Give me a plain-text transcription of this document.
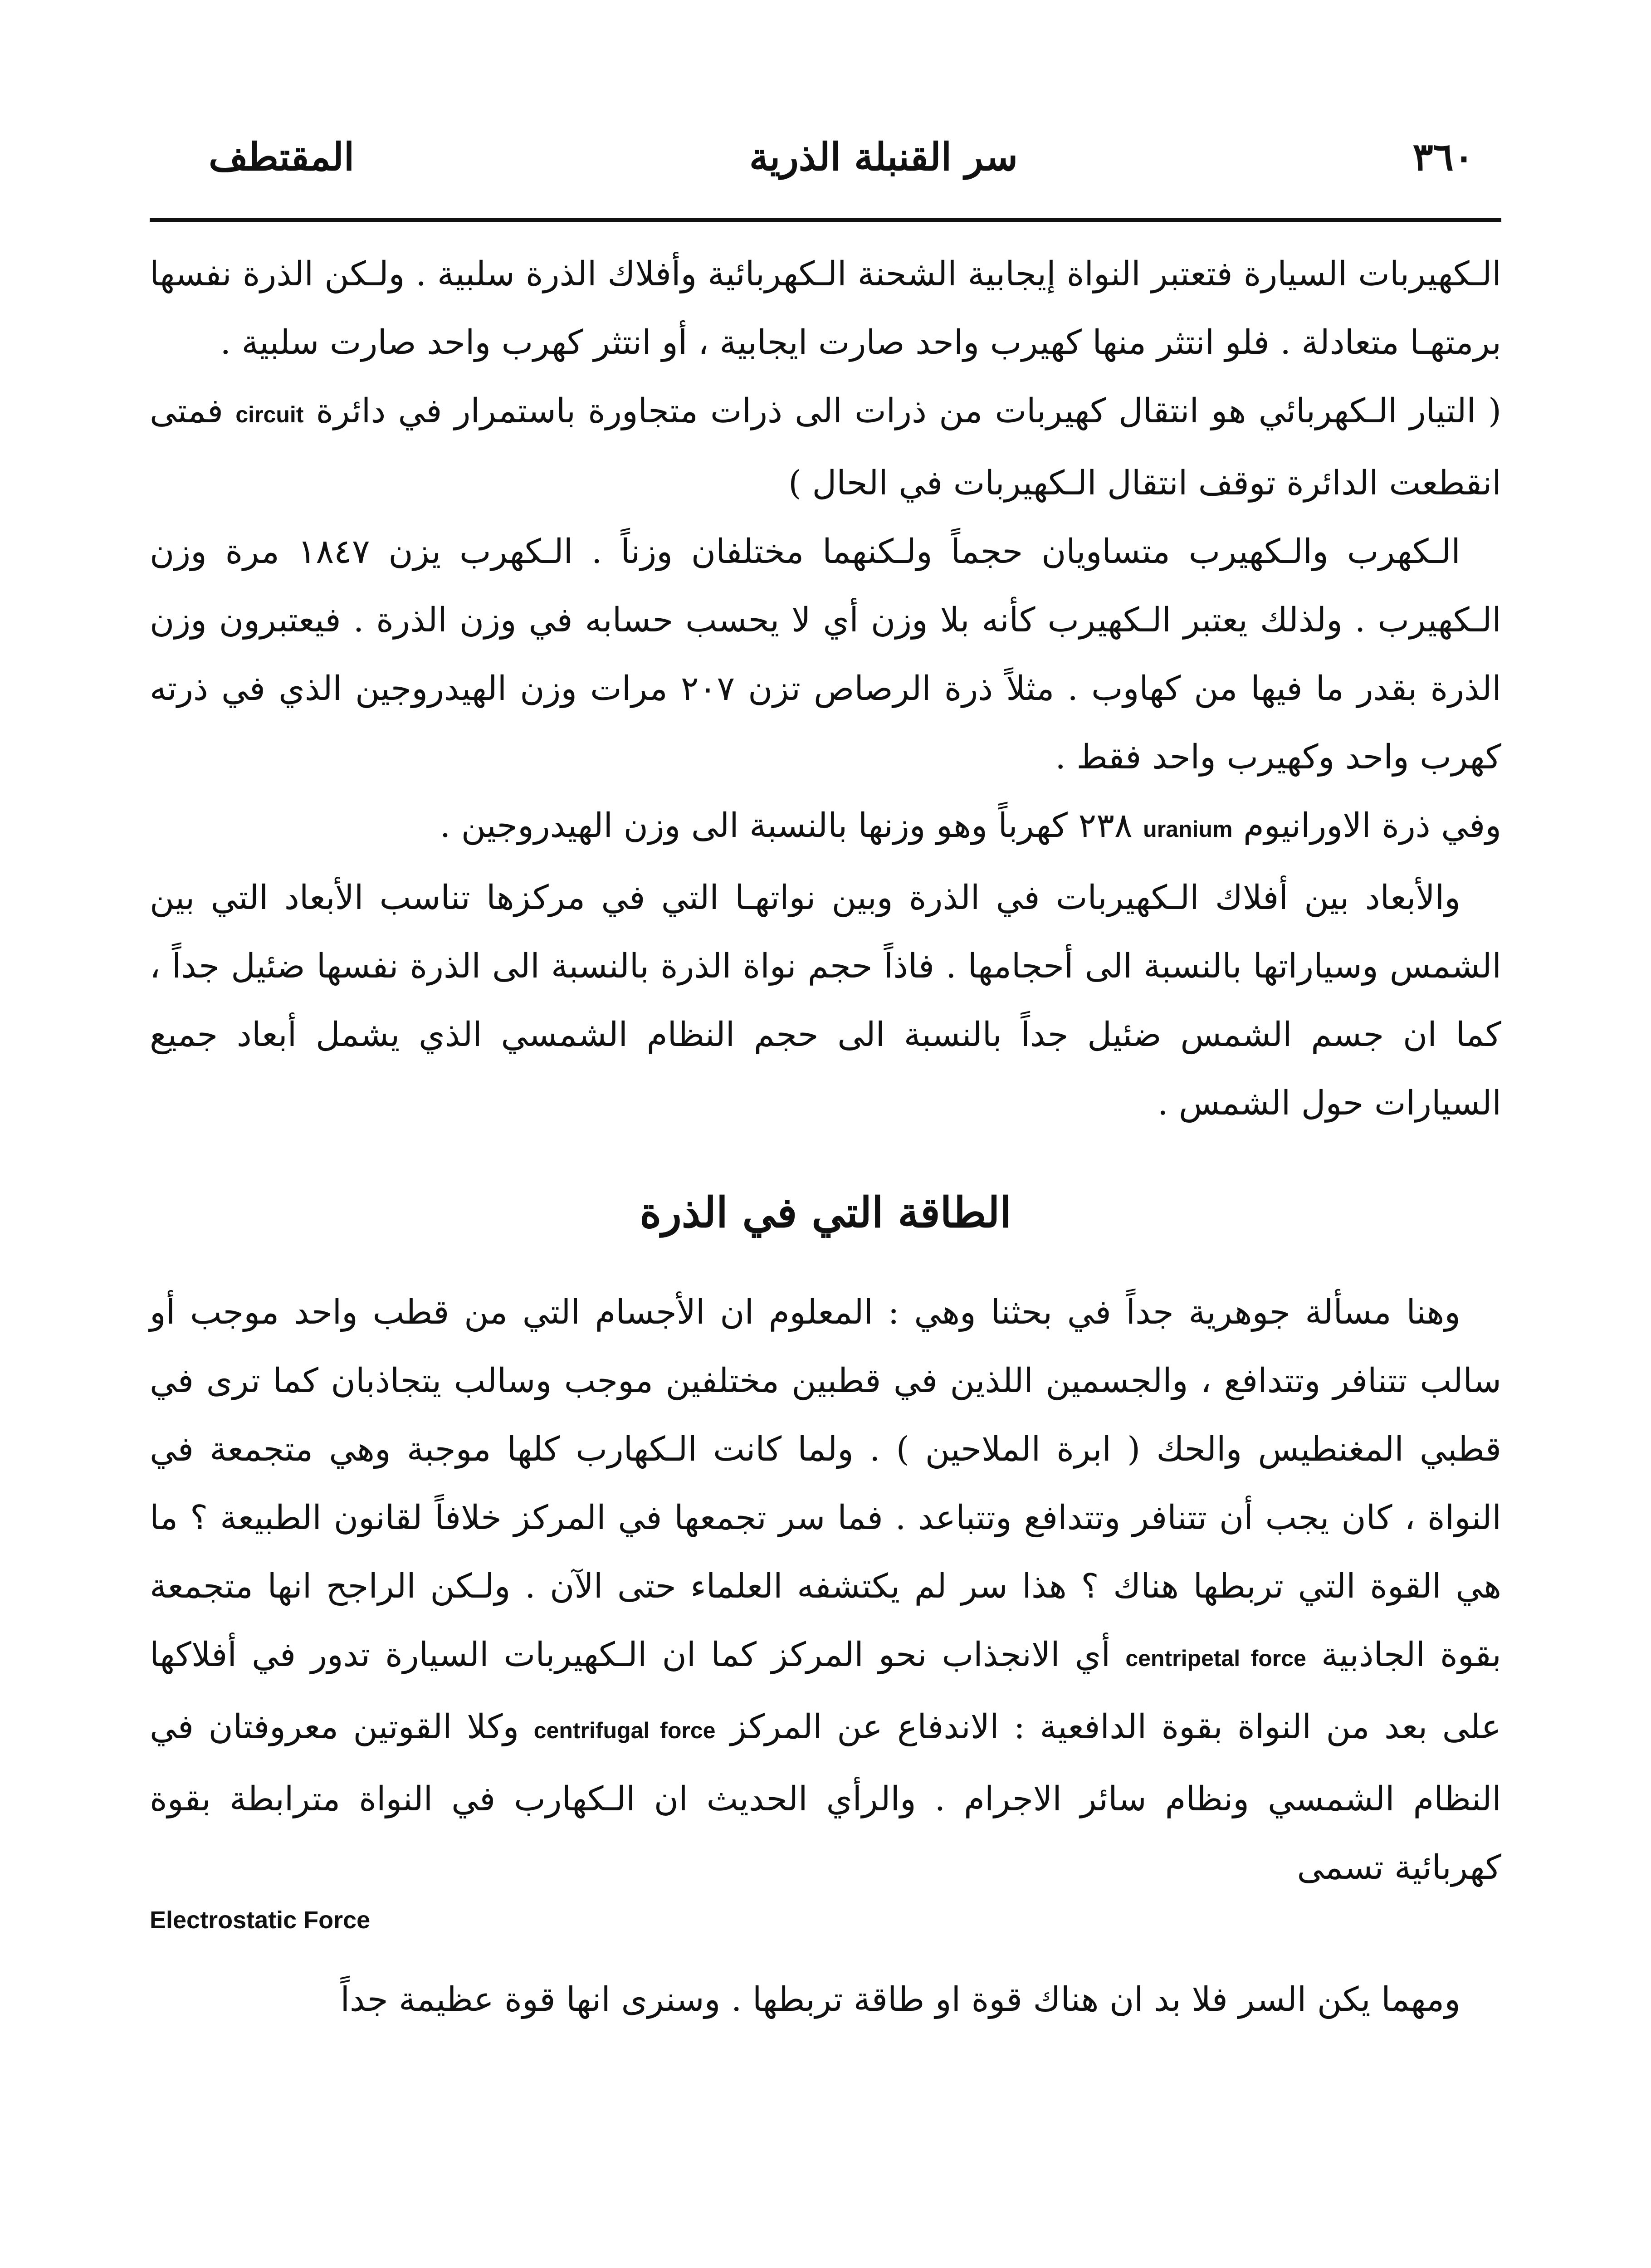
٣٦٠
سر القنبلة الذرية
المقتطف

الـكهيربات السيارة فتعتبر النواة إيجابية الشحنة الـكهربائية وأفلاك الذرة سلبية . ولـكن الذرة نفسها برمتهـا متعادلة . فلو انتثر منها كهيرب واحد صارت ايجابية ، أو انتثر كهرب واحد صارت سلبية .

( التيار الـكهربائي هو انتقال كهيربات من ذرات الى ذرات متجاورة باستمرار في دائرة circuit فمتى انقطعت الدائرة توقف انتقال الـكهيربات في الحال )

الـكهرب والـكهيرب متساويان حجماً ولـكنهما مختلفان وزناً . الـكهرب يزن ١٨٤٧ مرة وزن الـكهيرب . ولذلك يعتبر الـكهيرب كأنه بلا وزن أي لا يحسب حسابه في وزن الذرة . فيعتبرون وزن الذرة بقدر ما فيها من كهاوب . مثلاً ذرة الرصاص تزن ٢٠٧ مرات وزن الهيدروجين الذي في ذرته كهرب واحد وكهيرب واحد فقط .

وفي ذرة الاورانيوم uranium ٢٣٨ كهرباً وهو وزنها بالنسبة الى وزن الهيدروجين .

والأبعاد بين أفلاك الـكهيربات في الذرة وبين نواتهـا التي في مركزها تناسب الأبعاد التي بين الشمس وسياراتها بالنسبة الى أحجامها . فاذاً حجم نواة الذرة بالنسبة الى الذرة نفسها ضئيل جداً ، كما ان جسم الشمس ضئيل جداً بالنسبة الى حجم النظام الشمسي الذي يشمل أبعاد جميع السيارات حول الشمس .

الطاقة التي في الذرة

وهنا مسألة جوهرية جداً في بحثنا وهي : المعلوم ان الأجسام التي من قطب واحد موجب أو سالب تتنافر وتتدافع ، والجسمين اللذين في قطبين مختلفين موجب وسالب يتجاذبان كما ترى في قطبي المغنطيس والحك ( ابرة الملاحين ) . ولما كانت الـكهارب كلها موجبة وهي متجمعة في النواة ، كان يجب أن تتنافر وتتدافع وتتباعد . فما سر تجمعها في المركز خلافاً لقانون الطبيعة ؟ ما هي القوة التي تربطها هناك ؟ هذا سر لم يكتشفه العلماء حتى الآن . ولـكن الراجح انها متجمعة بقوة الجاذبية centripetal force أي الانجذاب نحو المركز كما ان الـكهيربات السيارة تدور في أفلاكها على بعد من النواة بقوة الدافعية : الاندفاع عن المركز centrifugal force وكلا القوتين معروفتان في النظام الشمسي ونظام سائر الاجرام . والرأي الحديث ان الـكهارب في النواة مترابطة بقوة كهربائية تسمى

Electrostatic Force

ومهما يكن السر فلا بد ان هناك قوة او طاقة تربطها . وسنرى انها قوة عظيمة جداً
